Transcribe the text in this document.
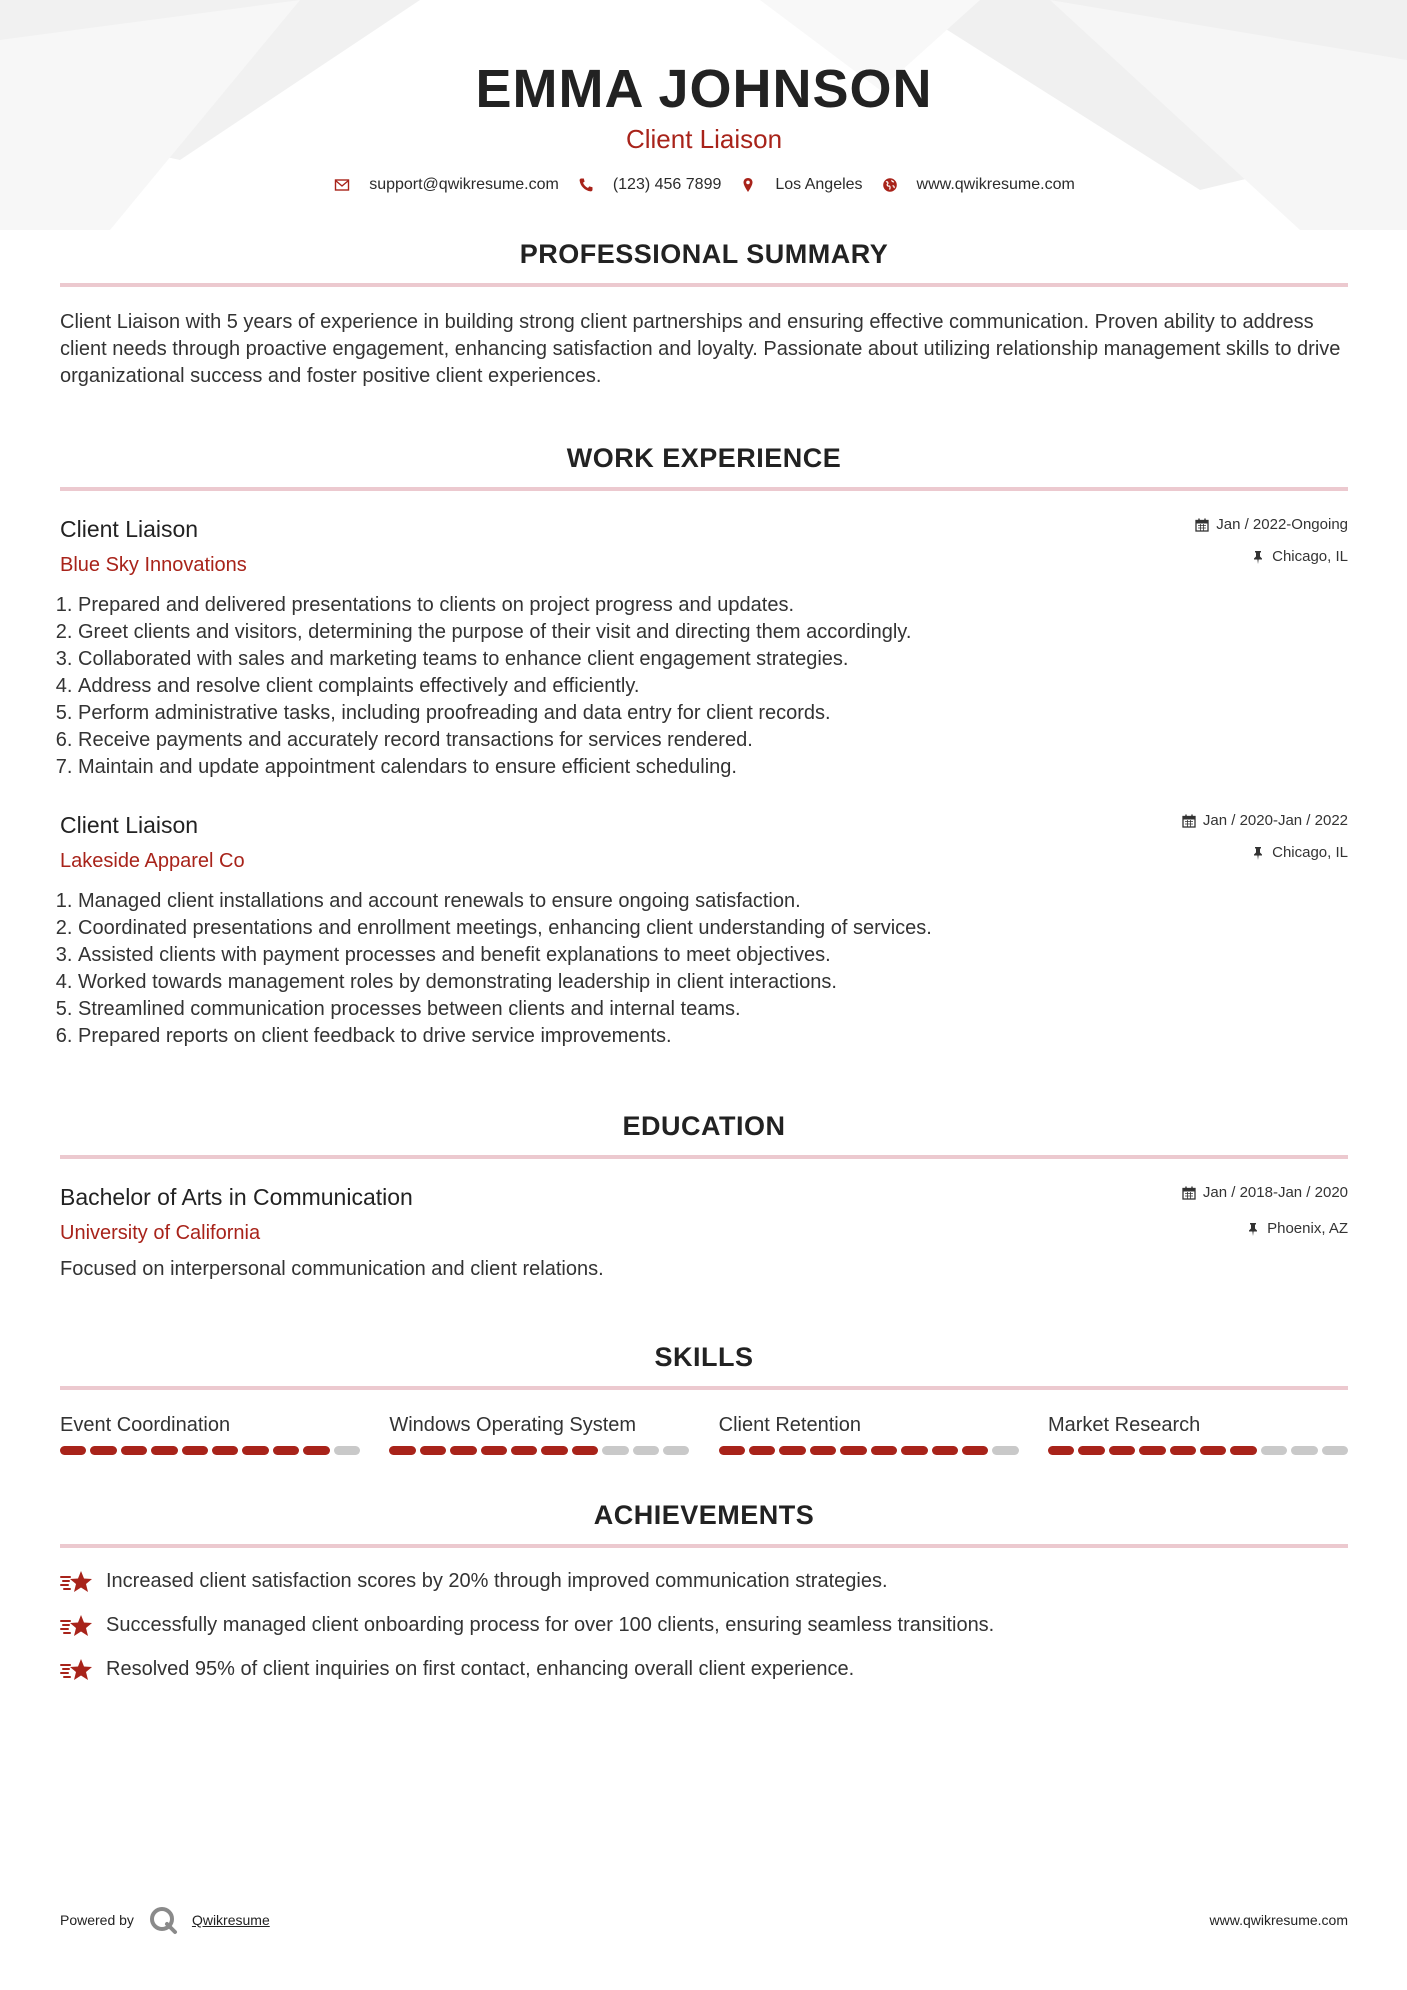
EMMA JOHNSON
Client Liaison
support@qwikresume.com	(123) 456 7899	Los Angeles	www.qwikresume.com
PROFESSIONAL SUMMARY
Client Liaison with 5 years of experience in building strong client partnerships and ensuring effective communication. Proven ability to address client needs through proactive engagement, enhancing satisfaction and loyalty. Passionate about utilizing relationship management skills to drive organizational success and foster positive client experiences.
WORK EXPERIENCE
Client Liaison
Blue Sky Innovations
Jan / 2022-Ongoing
Chicago, IL
1. Prepared and delivered presentations to clients on project progress and updates.
2. Greet clients and visitors, determining the purpose of their visit and directing them accordingly.
3. Collaborated with sales and marketing teams to enhance client engagement strategies.
4. Address and resolve client complaints effectively and efficiently.
5. Perform administrative tasks, including proofreading and data entry for client records.
6. Receive payments and accurately record transactions for services rendered.
7. Maintain and update appointment calendars to ensure efficient scheduling.
Client Liaison
Lakeside Apparel Co
Jan / 2020-Jan / 2022
Chicago, IL
1. Managed client installations and account renewals to ensure ongoing satisfaction.
2. Coordinated presentations and enrollment meetings, enhancing client understanding of services.
3. Assisted clients with payment processes and benefit explanations to meet objectives.
4. Worked towards management roles by demonstrating leadership in client interactions.
5. Streamlined communication processes between clients and internal teams.
6. Prepared reports on client feedback to drive service improvements.
EDUCATION
Bachelor of Arts in Communication
University of California
Jan / 2018-Jan / 2020
Phoenix, AZ
Focused on interpersonal communication and client relations.
SKILLS
Event Coordination	Windows Operating System	Client Retention	Market Research
ACHIEVEMENTS
Increased client satisfaction scores by 20% through improved communication strategies.
Successfully managed client onboarding process for over 100 clients, ensuring seamless transitions.
Resolved 95% of client inquiries on first contact, enhancing overall client experience.
Powered by	Qwikresume	www.qwikresume.com
